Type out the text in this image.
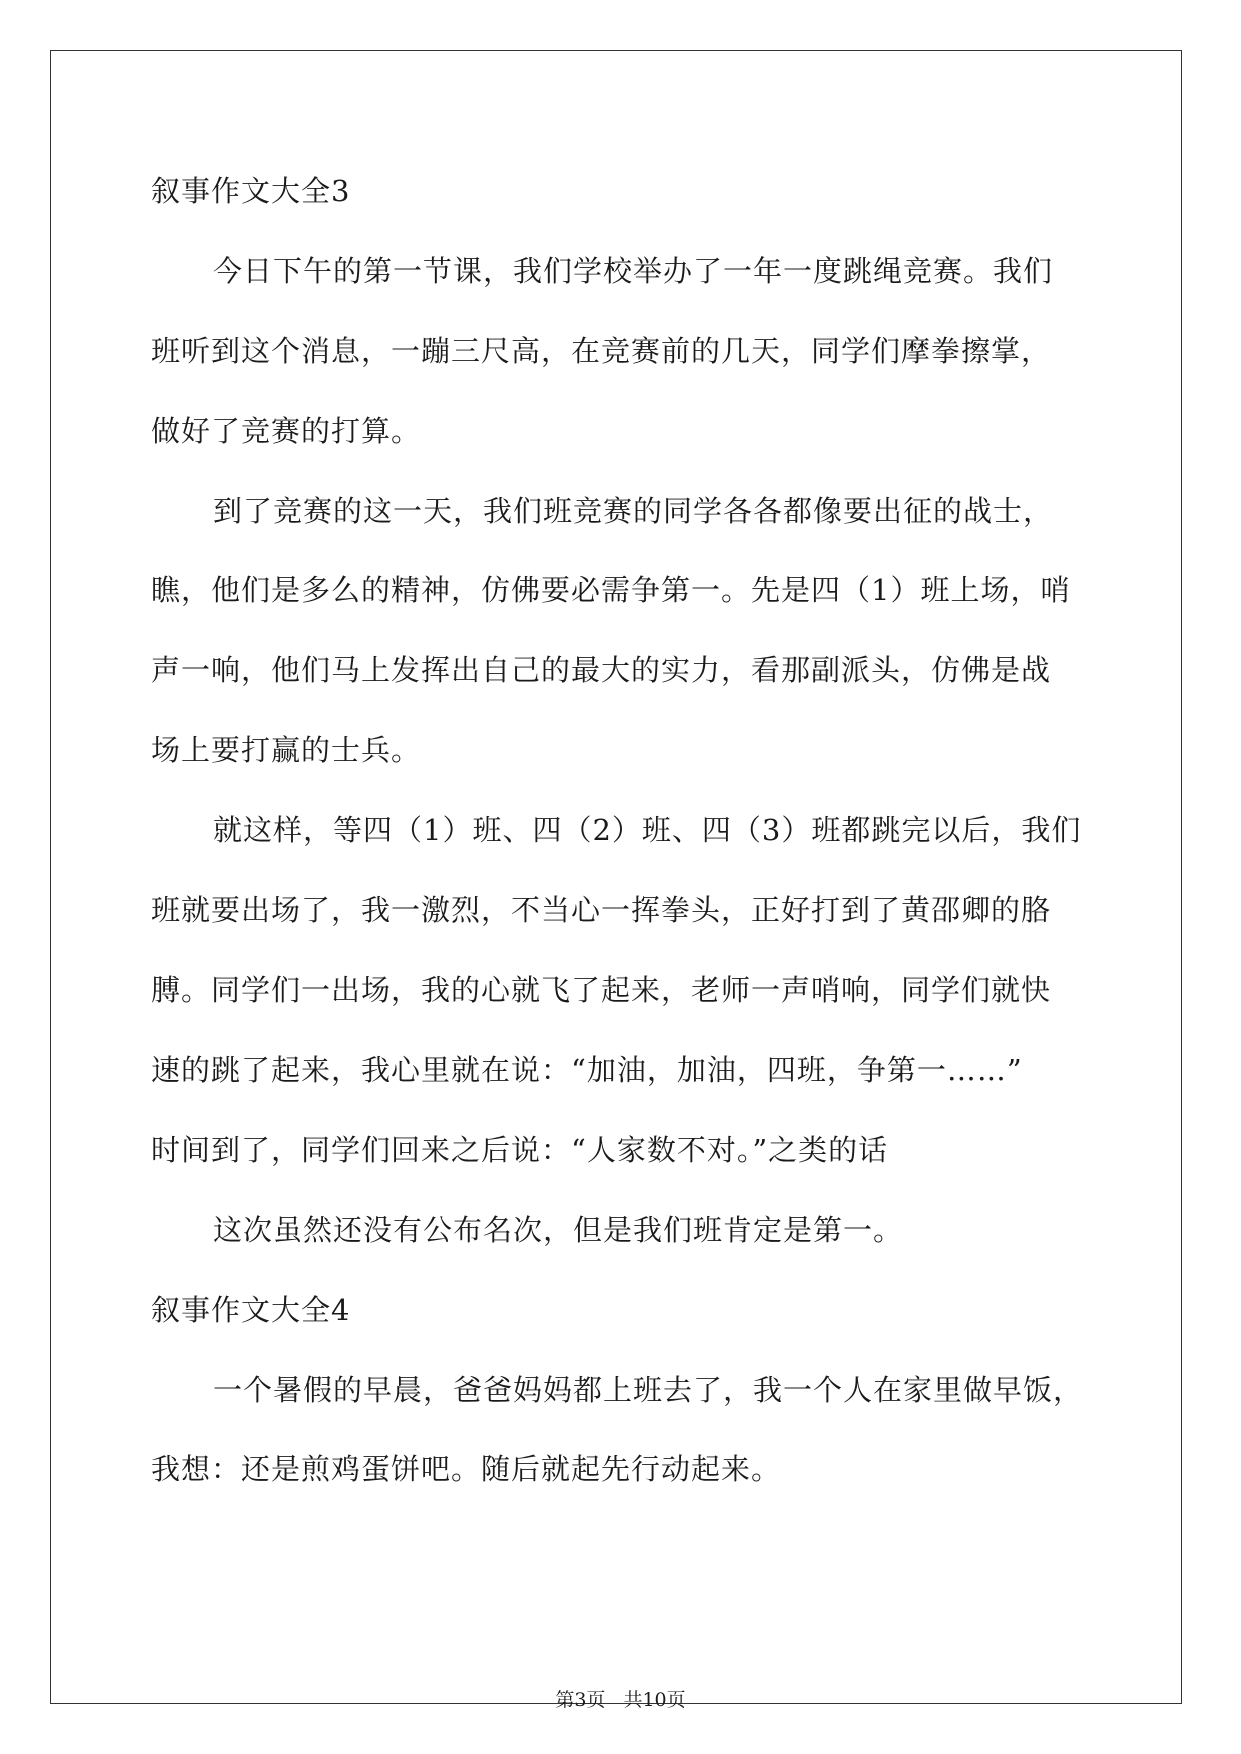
叙事作文大全3
今日下午的第一节课，我们学校举办了一年一度跳绳竞赛。我们
班听到这个消息，一蹦三尺高，在竞赛前的几天，同学们摩拳擦掌，
做好了竞赛的打算。
到了竞赛的这一天，我们班竞赛的同学各各都像要出征的战士，
瞧，他们是多么的精神，仿佛要必需争第一。先是四（1）班上场，哨
声一响，他们马上发挥出自己的最大的实力，看那副派头，仿佛是战
场上要打赢的士兵。
就这样，等四（1）班、四（2）班、四（3）班都跳完以后，我们
班就要出场了，我一激烈，不当心一挥拳头，正好打到了黄邵卿的胳
膊。同学们一出场，我的心就飞了起来，老师一声哨响，同学们就快
速的跳了起来，我心里就在说：“加油，加油，四班，争第一……”
时间到了，同学们回来之后说：“人家数不对。”之类的话
这次虽然还没有公布名次，但是我们班肯定是第一。
叙事作文大全4
一个暑假的早晨，爸爸妈妈都上班去了，我一个人在家里做早饭，
我想：还是煎鸡蛋饼吧。随后就起先行动起来。
第3页 共10页
